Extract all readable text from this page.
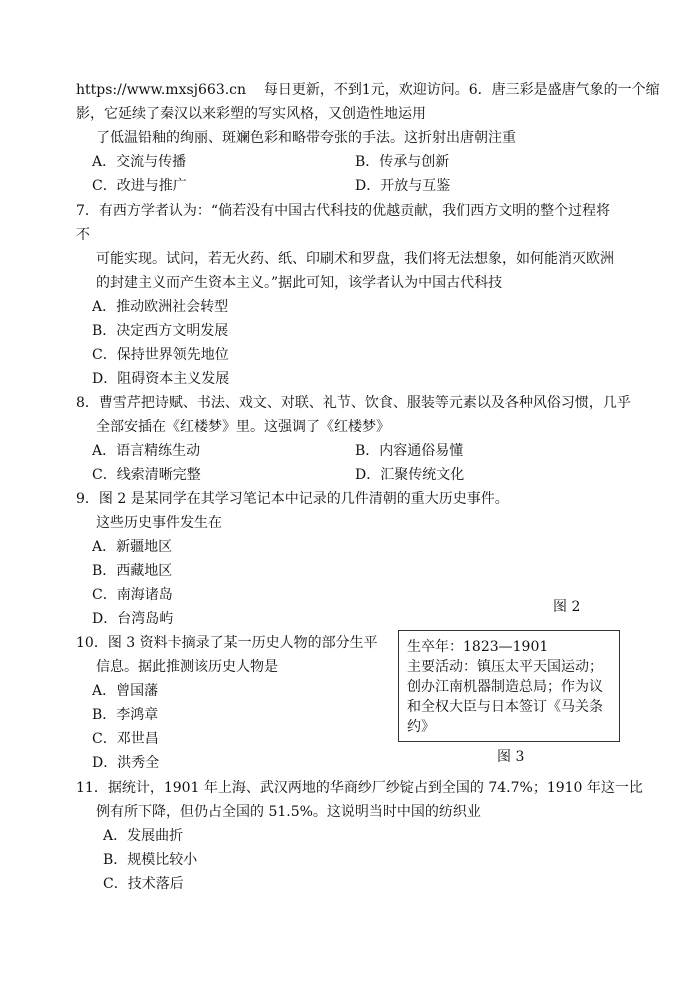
https://www.mxsj663.cn 每日更新，不到1元，欢迎访问。6．唐三彩是盛唐气象的一个缩
影，它延续了秦汉以来彩塑的写实风格，又创造性地运用
了低温铅釉的绚丽、斑斓色彩和略带夸张的手法。这折射出唐朝注重
A．交流与传播	B．传承与创新
C．改进与推广	D．开放与互鉴
7．有西方学者认为：“倘若没有中国古代科技的优越贡献，我们西方文明的整个过程将
不
可能实现。试问，若无火药、纸、印刷术和罗盘，我们将无法想象，如何能消灭欧洲
的封建主义而产生资本主义。”据此可知，该学者认为中国古代科技
A．推动欧洲社会转型
B．决定西方文明发展
C．保持世界领先地位
D．阻碍资本主义发展
8．曹雪芹把诗赋、书法、戏文、对联、礼节、饮食、服装等元素以及各种风俗习惯，几乎
全部安插在《红楼梦》里。这强调了《红楼梦》
A．语言精练生动	B．内容通俗易懂
C．线索清晰完整	D．汇聚传统文化
9．图 2 是某同学在其学习笔记本中记录的几件清朝的重大历史事件。
这些历史事件发生在
A．新疆地区
B．西藏地区
C．南海诸岛
D．台湾岛屿
图 2
10．图 3 资料卡摘录了某一历史人物的部分生平
信息。据此推测该历史人物是
A．曾国藩
B．李鸿章
C．邓世昌
D．洪秀全
生卒年：1823—1901
主要活动：镇压太平天国运动；
创办江南机器制造总局；作为议
和全权大臣与日本签订《马关条
约》
图 3
11．据统计，1901 年上海、武汉两地的华商纱厂纱锭占到全国的 74.7%；1910 年这一比
例有所下降，但仍占全国的 51.5%。这说明当时中国的纺织业
A．发展曲折
B．规模比较小
C．技术落后
